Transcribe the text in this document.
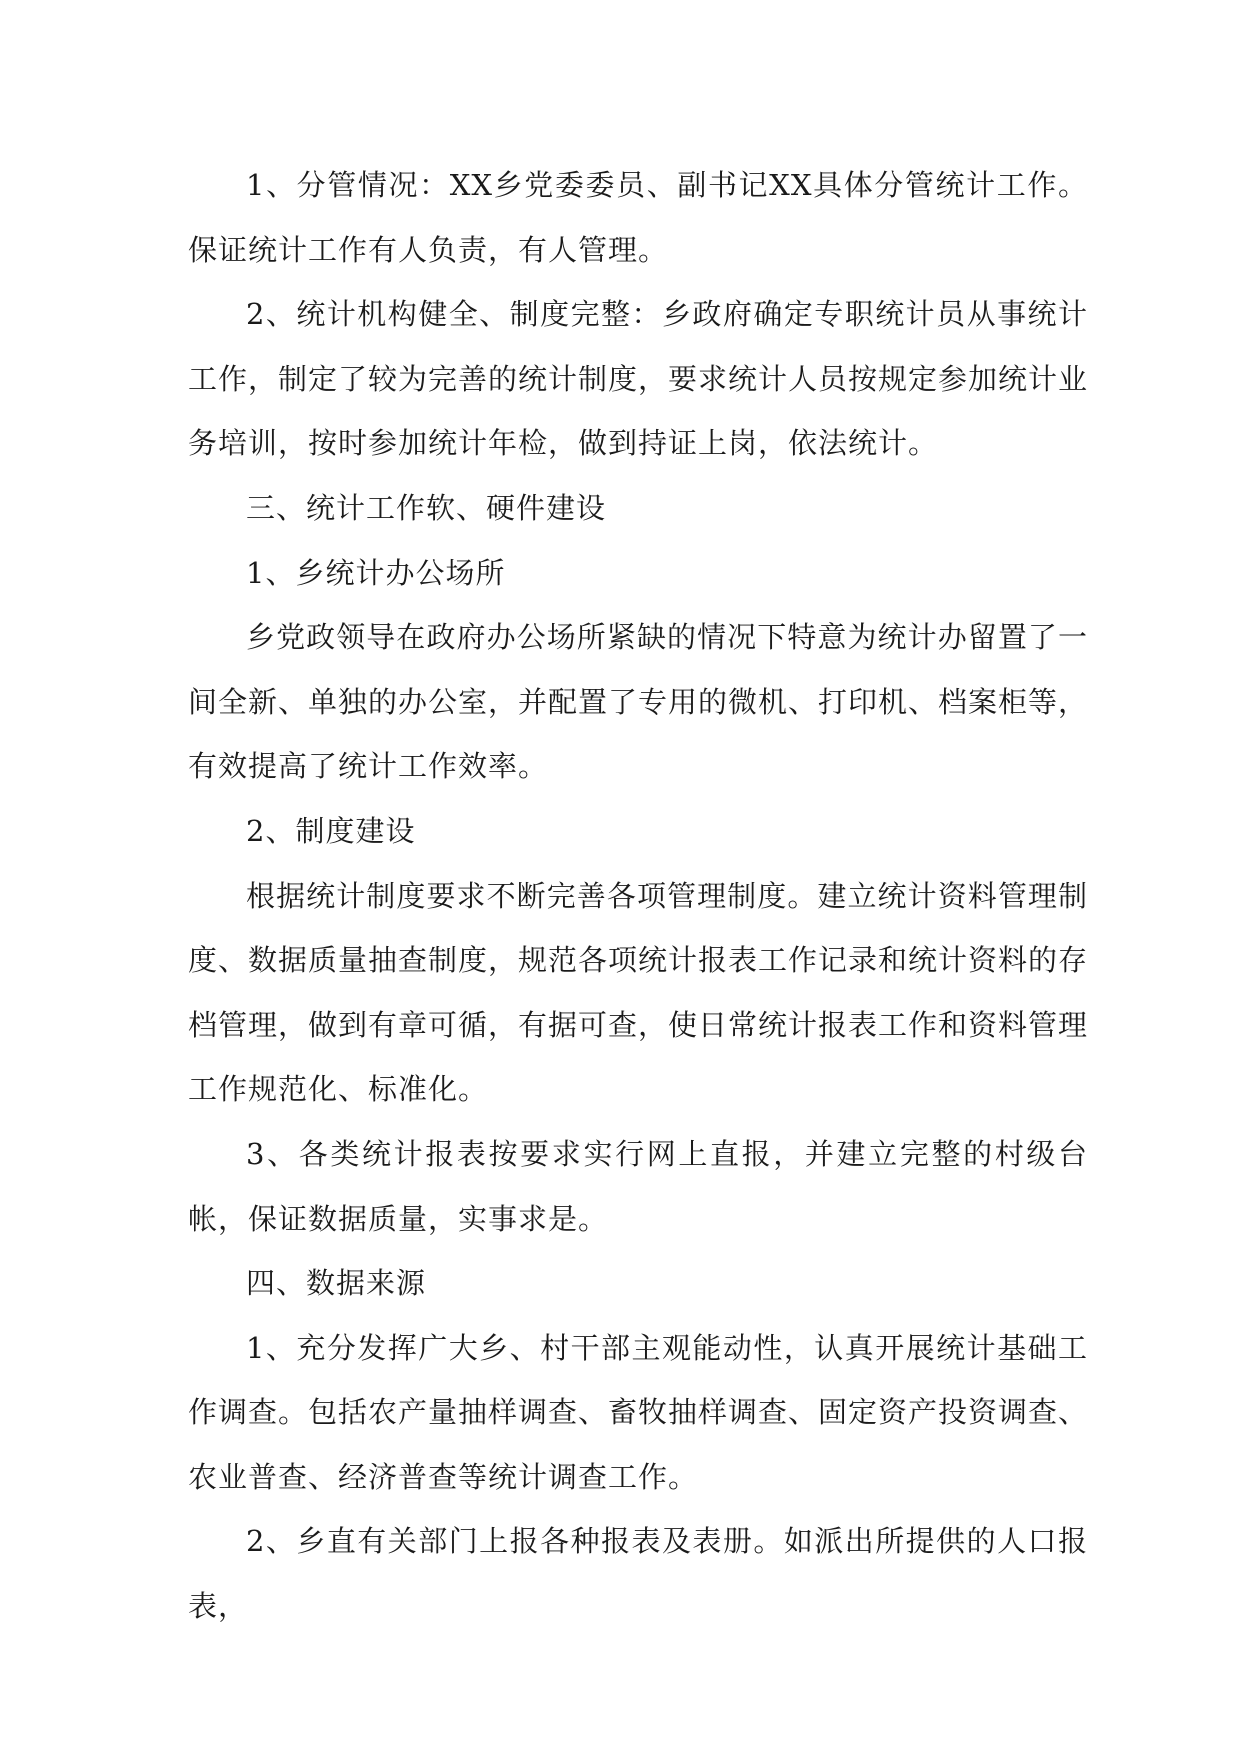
1、分管情况：XX乡党委委员、副书记XX具体分管统计工作。保证统计工作有人负责，有人管理。

2、统计机构健全、制度完整：乡政府确定专职统计员从事统计工作，制定了较为完善的统计制度，要求统计人员按规定参加统计业务培训，按时参加统计年检，做到持证上岗，依法统计。

三、统计工作软、硬件建设

1、乡统计办公场所

乡党政领导在政府办公场所紧缺的情况下特意为统计办留置了一间全新、单独的办公室，并配置了专用的微机、打印机、档案柜等，有效提高了统计工作效率。

2、制度建设

根据统计制度要求不断完善各项管理制度。建立统计资料管理制度、数据质量抽查制度，规范各项统计报表工作记录和统计资料的存档管理，做到有章可循，有据可查，使日常统计报表工作和资料管理工作规范化、标准化。

3、各类统计报表按要求实行网上直报，并建立完整的村级台帐，保证数据质量，实事求是。

四、数据来源

1、充分发挥广大乡、村干部主观能动性，认真开展统计基础工作调查。包括农产量抽样调查、畜牧抽样调查、固定资产投资调查、农业普查、经济普查等统计调查工作。

2、乡直有关部门上报各种报表及表册。如派出所提供的人口报表，
